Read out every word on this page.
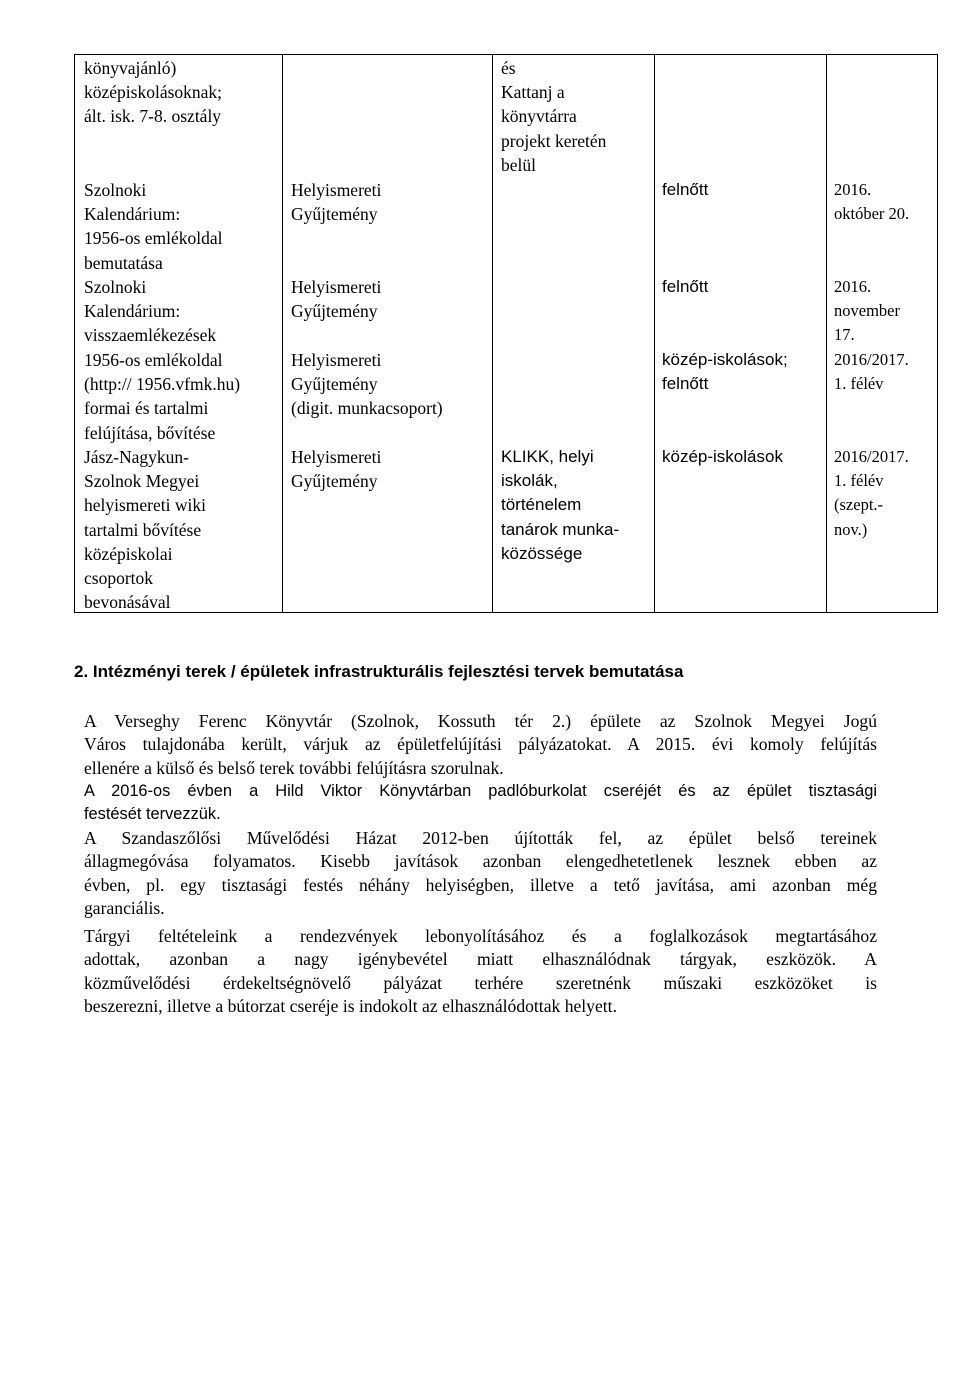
könyvajánló)
középiskolásoknak;
ált. isk. 7-8. osztály
Szolnoki
Kalendárium:
1956-os emlékoldal
bemutatása
Szolnoki
Kalendárium:
visszaemlékezések
1956-os emlékoldal
(http:// 1956.vfmk.hu)
formai és tartalmi
felújítása, bővítése
Jász-Nagykun-
Szolnok Megyei
helyismereti wiki
tartalmi bővítése
középiskolai
csoportok
bevonásával
Helyismereti
Gyűjtemény
Helyismereti
Gyűjtemény
Helyismereti
Gyűjtemény
(digit. munkacsoport)
Helyismereti
Gyűjtemény
és
Kattanj a
könyvtárra
projekt keretén
belül
KLIKK, helyi
iskolák,
történelem
tanárok munka-
közössége
felnőtt
felnőtt
közép-iskolások;
felnőtt
közép-iskolások
2016.
október 20.
2016.
november
17.
2016/2017.
1. félév
2016/2017.
1. félév
(szept.-
nov.)
2. Intézményi terek / épületek infrastrukturális fejlesztési tervek bemutatása
A Verseghy Ferenc Könyvtár (Szolnok, Kossuth tér 2.) épülete az Szolnok Megyei Jogú
Város tulajdonába került, várjuk az épületfelújítási pályázatokat. A 2015. évi komoly felújítás
ellenére a külső és belső terek további felújításra szorulnak.
A 2016-os évben a Hild Viktor Könyvtárban padlóburkolat cseréjét és az épület tisztasági
festését tervezzük.
A Szandaszőlősi Művelődési Házat 2012-ben újították fel, az épület belső tereinek
állagmegóvása folyamatos. Kisebb javítások azonban elengedhetetlenek lesznek ebben az
évben, pl. egy tisztasági festés néhány helyiségben, illetve a tető javítása, ami azonban még
garanciális.
Tárgyi feltételeink a rendezvények lebonyolításához és a foglalkozások megtartásához
adottak, azonban a nagy igénybevétel miatt elhasználódnak tárgyak, eszközök. A
közművelődési érdekeltségnövelő pályázat terhére szeretnénk műszaki eszközöket is
beszerezni, illetve a bútorzat cseréje is indokolt az elhasználódottak helyett.
